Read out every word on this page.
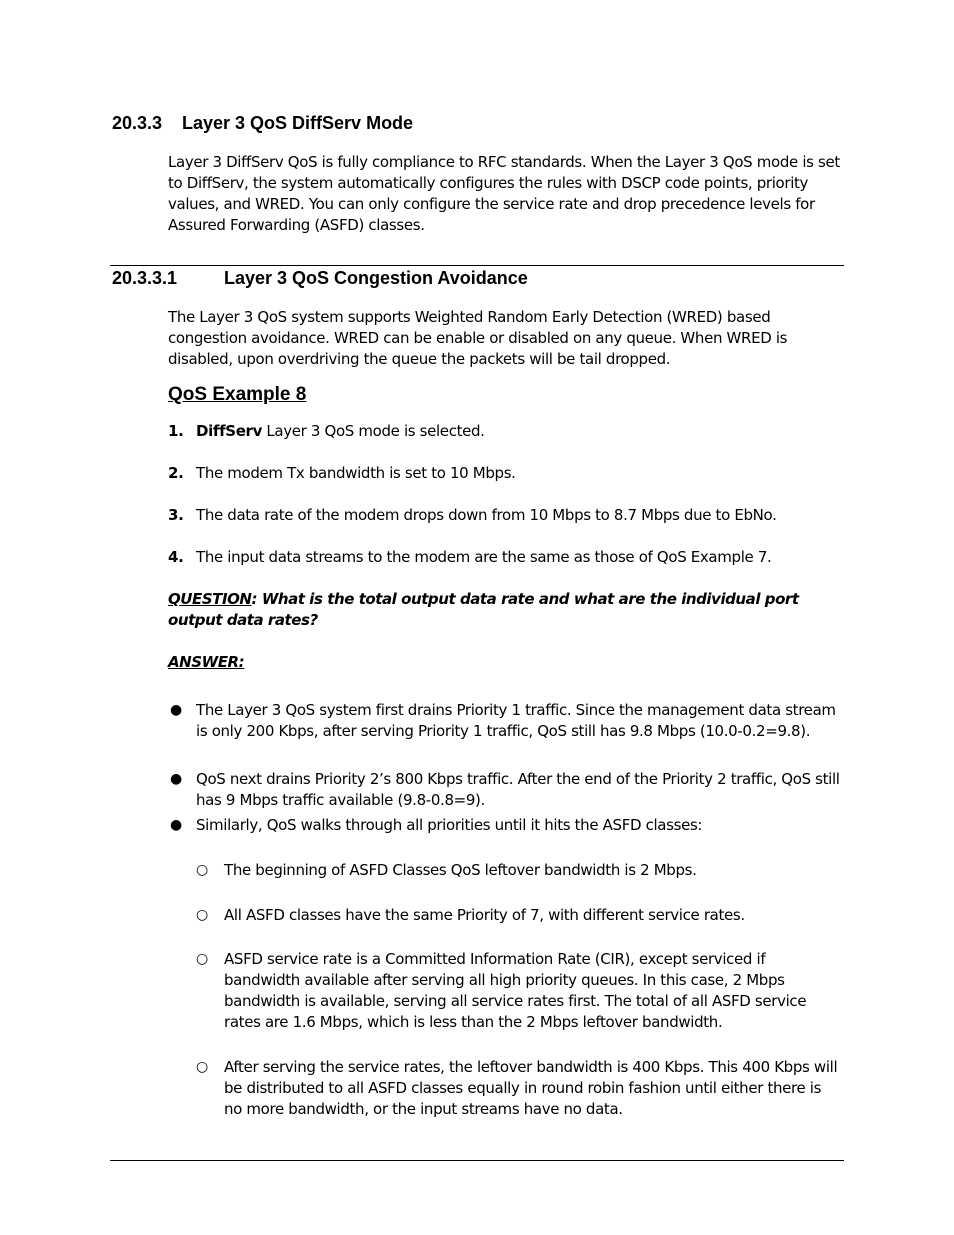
20.3.3 Layer 3 QoS DiffServ Mode
Layer 3 DiffServ QoS is fully compliance to RFC standards. When the Layer 3 QoS mode is set to DiffServ, the system automatically configures the rules with DSCP code points, priority values, and WRED. You can only configure the service rate and drop precedence levels for Assured Forwarding (ASFD) classes.
20.3.3.1	Layer 3 QoS Congestion Avoidance
The Layer 3 QoS system supports Weighted Random Early Detection (WRED) based congestion avoidance. WRED can be enable or disabled on any queue. When WRED is disabled, upon overdriving the queue the packets will be tail dropped.
QoS Example 8
1. DiffServ Layer 3 QoS mode is selected.
2. The modem Tx bandwidth is set to 10 Mbps.
3. The data rate of the modem drops down from 10 Mbps to 8.7 Mbps due to EbNo.
4. The input data streams to the modem are the same as those of QoS Example 7.
QUESTION: What is the total output data rate and what are the individual port output data rates?
ANSWER:
● The Layer 3 QoS system first drains Priority 1 traffic. Since the management data stream is only 200 Kbps, after serving Priority 1 traffic, QoS still has 9.8 Mbps (10.0-0.2=9.8).
● QoS next drains Priority 2’s 800 Kbps traffic. After the end of the Priority 2 traffic, QoS still has 9 Mbps traffic available (9.8-0.8=9).
● Similarly, QoS walks through all priorities until it hits the ASFD classes:
○ The beginning of ASFD Classes QoS leftover bandwidth is 2 Mbps.
○ All ASFD classes have the same Priority of 7, with different service rates.
○ ASFD service rate is a Committed Information Rate (CIR), except serviced if bandwidth available after serving all high priority queues. In this case, 2 Mbps bandwidth is available, serving all service rates first. The total of all ASFD service rates are 1.6 Mbps, which is less than the 2 Mbps leftover bandwidth.
○ After serving the service rates, the leftover bandwidth is 400 Kbps. This 400 Kbps will be distributed to all ASFD classes equally in round robin fashion until either there is no more bandwidth, or the input streams have no data.
